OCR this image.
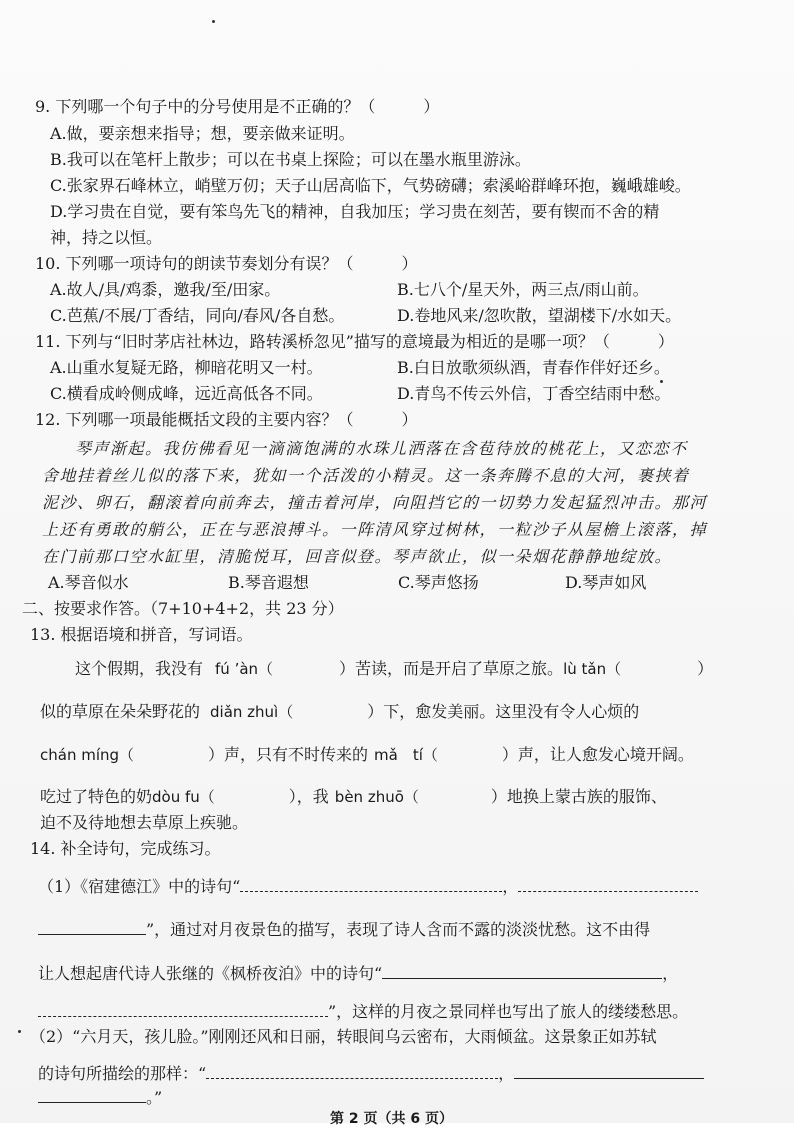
9. 下列哪一个句子中的分号使用是不正确的？（　　　）
A.做，要亲想来指导；想，要亲做来证明。
B.我可以在笔杆上散步；可以在书桌上探险；可以在墨水瓶里游泳。
C.张家界石峰林立，峭壁万仞；天子山居高临下，气势磅礴；索溪峪群峰环抱，巍峨雄峻。
D.学习贵在自觉，要有笨鸟先飞的精神，自我加压；学习贵在刻苦，要有锲而不舍的精
神，持之以恒。
10. 下列哪一项诗句的朗读节奏划分有误？（　　　）
A.故人/具/鸡黍，邀我/至/田家。	B.七八个/星天外，两三点/雨山前。
C.芭蕉/不展/丁香结，同向/春风/各自愁。	D.卷地风来/忽吹散，望湖楼下/水如天。
11. 下列与“旧时茅店社林边，路转溪桥忽见”描写的意境最为相近的是哪一项？（　　　）
A.山重水复疑无路，柳暗花明又一村。	B.白日放歌须纵酒，青春作伴好还乡。
C.横看成岭侧成峰，远近高低各不同。	D.青鸟不传云外信，丁香空结雨中愁。
12. 下列哪一项最能概括文段的主要内容？（　　　）
琴声渐起。我仿佛看见一滴滴饱满的水珠儿洒落在含苞待放的桃花上，又恋恋不
舍地挂着丝儿似的落下来，犹如一个活泼的小精灵。这一条奔腾不息的大河，裹挟着
泥沙、卵石，翻滚着向前奔去，撞击着河岸，向阻挡它的一切势力发起猛烈冲击。那河
上还有勇敢的艄公，正在与恶浪搏斗。一阵清风穿过树林，一粒沙子从屋檐上滚落，掉
在门前那口空水缸里，清脆悦耳，回音似登。琴声欲止，似一朵烟花静静地绽放。
A.琴音似水	B.琴音遐想	C.琴声悠扬	D.琴声如风
二、按要求作答。（7+10+4+2，共 23 分）
13. 根据语境和拼音，写词语。
这个假期，我没有 fú ’àn（	）苦读，而是开启了草原之旅。lù tǎn（	）
似的草原在朵朵野花的 diǎn zhuì（	）下，愈发美丽。这里没有令人心烦的
chán míng（	）声，只有不时传来的 mǎ　tí（	）声，让人愈发心境开阔。
吃过了特色的奶dòu fu（	），我 bèn zhuō（	）地换上蒙古族的服饰、
迫不及待地想去草原上疾驰。
14. 补全诗句，完成练习。
（1）《宿建德江》中的诗句“	，
”，通过对月夜景色的描写，表现了诗人含而不露的淡淡忧愁。这不由得
让人想起唐代诗人张继的《枫桥夜泊》中的诗句“	，
”，这样的月夜之景同样也写出了旅人的缕缕愁思。
（2）“六月天，孩儿脸。”刚刚还风和日丽，转眼间乌云密布，大雨倾盆。这景象正如苏轼
的诗句所描绘的那样：“	，
。”
第 2 页（共 6 页）
